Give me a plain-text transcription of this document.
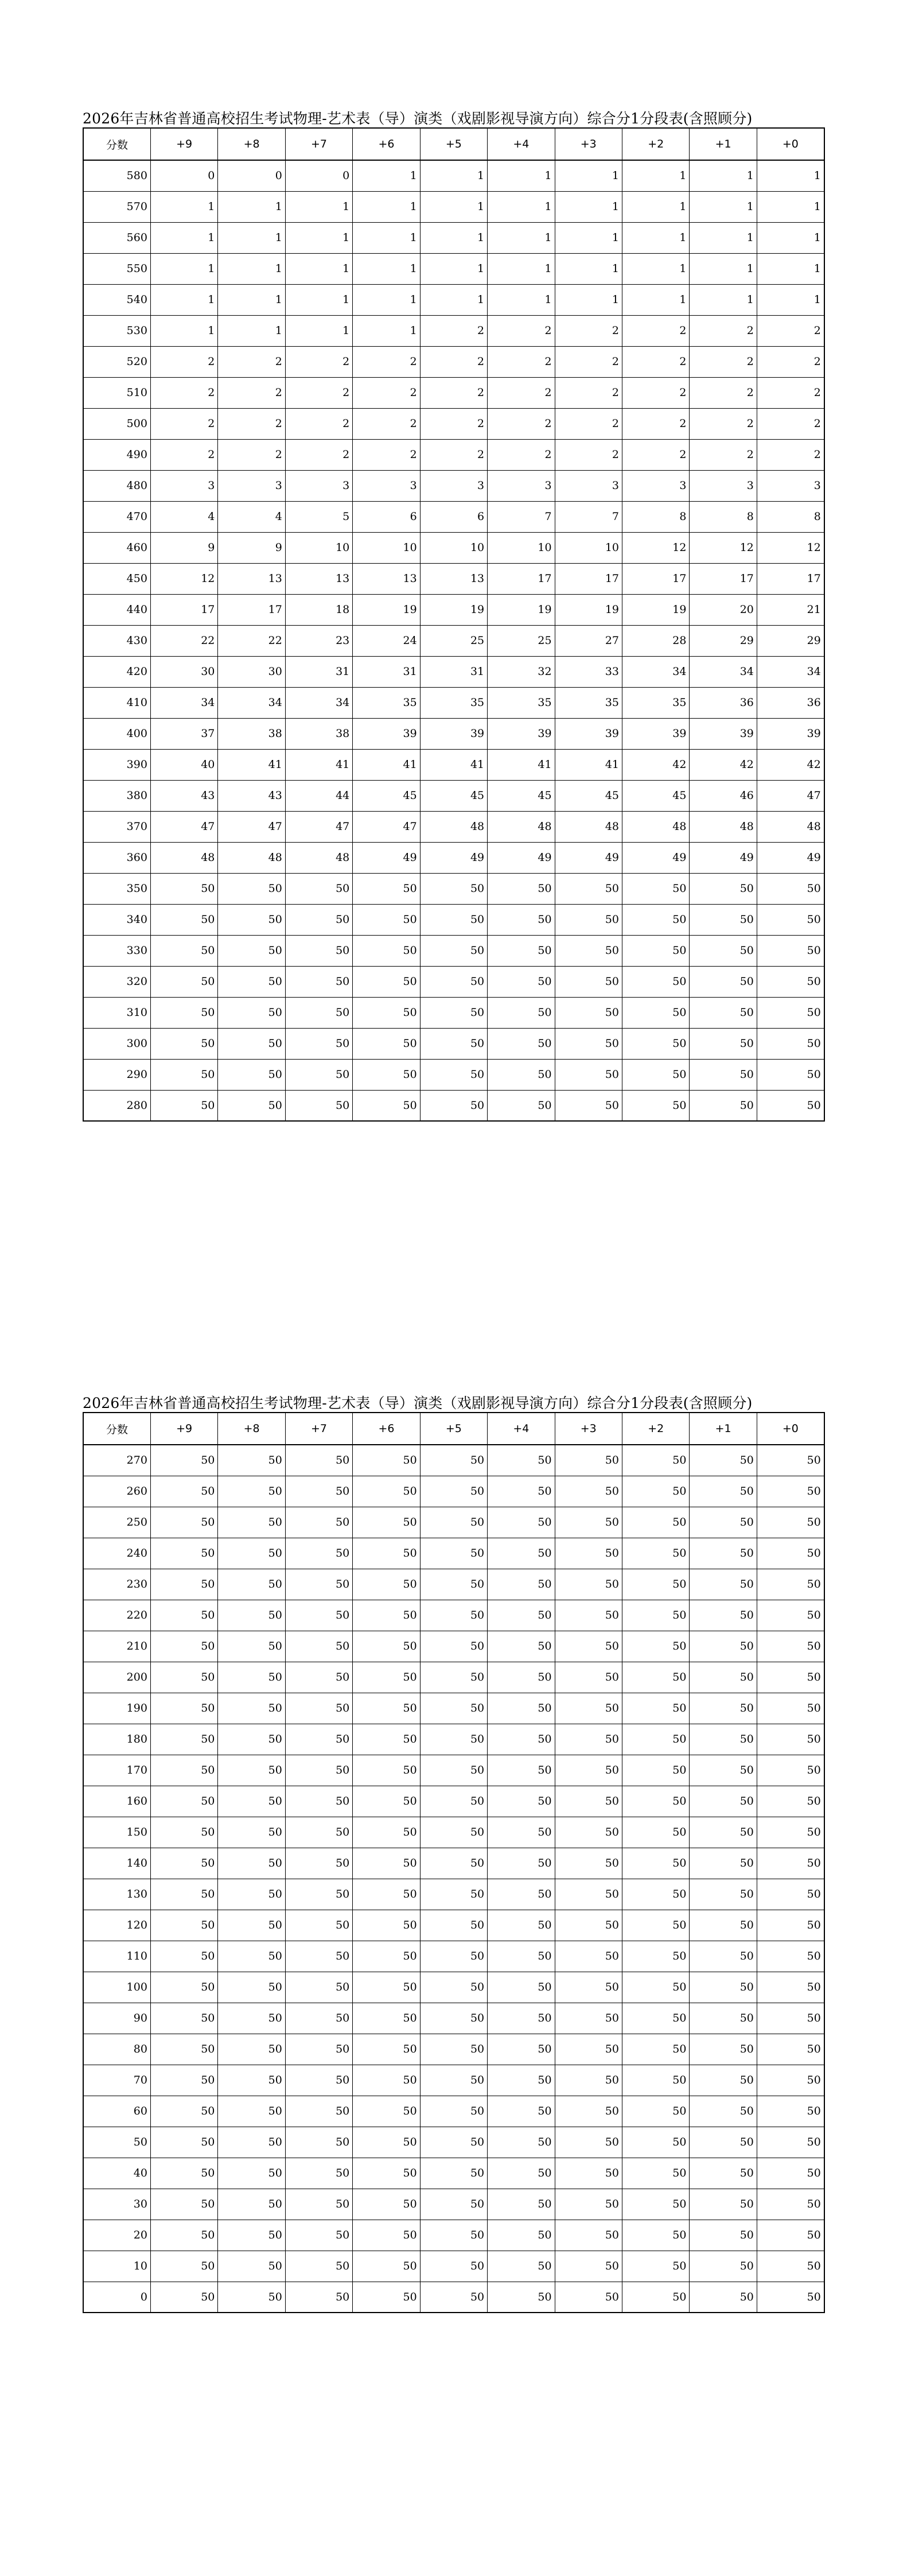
2026年吉林省普通高校招生考试物理-艺术表（导）演类（戏剧影视导演方向）综合分1分段表(含照顾分)
分数	+9	+8	+7	+6	+5	+4	+3	+2	+1	+0
580	0	0	0	1	1	1	1	1	1	1
570	1	1	1	1	1	1	1	1	1	1
560	1	1	1	1	1	1	1	1	1	1
550	1	1	1	1	1	1	1	1	1	1
540	1	1	1	1	1	1	1	1	1	1
530	1	1	1	1	2	2	2	2	2	2
520	2	2	2	2	2	2	2	2	2	2
510	2	2	2	2	2	2	2	2	2	2
500	2	2	2	2	2	2	2	2	2	2
490	2	2	2	2	2	2	2	2	2	2
480	3	3	3	3	3	3	3	3	3	3
470	4	4	5	6	6	7	7	8	8	8
460	9	9	10	10	10	10	10	12	12	12
450	12	13	13	13	13	17	17	17	17	17
440	17	17	18	19	19	19	19	19	20	21
430	22	22	23	24	25	25	27	28	29	29
420	30	30	31	31	31	32	33	34	34	34
410	34	34	34	35	35	35	35	35	36	36
400	37	38	38	39	39	39	39	39	39	39
390	40	41	41	41	41	41	41	42	42	42
380	43	43	44	45	45	45	45	45	46	47
370	47	47	47	47	48	48	48	48	48	48
360	48	48	48	49	49	49	49	49	49	49
350	50	50	50	50	50	50	50	50	50	50
340	50	50	50	50	50	50	50	50	50	50
330	50	50	50	50	50	50	50	50	50	50
320	50	50	50	50	50	50	50	50	50	50
310	50	50	50	50	50	50	50	50	50	50
300	50	50	50	50	50	50	50	50	50	50
290	50	50	50	50	50	50	50	50	50	50
280	50	50	50	50	50	50	50	50	50	50
2026年吉林省普通高校招生考试物理-艺术表（导）演类（戏剧影视导演方向）综合分1分段表(含照顾分)
分数	+9	+8	+7	+6	+5	+4	+3	+2	+1	+0
270	50	50	50	50	50	50	50	50	50	50
260	50	50	50	50	50	50	50	50	50	50
250	50	50	50	50	50	50	50	50	50	50
240	50	50	50	50	50	50	50	50	50	50
230	50	50	50	50	50	50	50	50	50	50
220	50	50	50	50	50	50	50	50	50	50
210	50	50	50	50	50	50	50	50	50	50
200	50	50	50	50	50	50	50	50	50	50
190	50	50	50	50	50	50	50	50	50	50
180	50	50	50	50	50	50	50	50	50	50
170	50	50	50	50	50	50	50	50	50	50
160	50	50	50	50	50	50	50	50	50	50
150	50	50	50	50	50	50	50	50	50	50
140	50	50	50	50	50	50	50	50	50	50
130	50	50	50	50	50	50	50	50	50	50
120	50	50	50	50	50	50	50	50	50	50
110	50	50	50	50	50	50	50	50	50	50
100	50	50	50	50	50	50	50	50	50	50
90	50	50	50	50	50	50	50	50	50	50
80	50	50	50	50	50	50	50	50	50	50
70	50	50	50	50	50	50	50	50	50	50
60	50	50	50	50	50	50	50	50	50	50
50	50	50	50	50	50	50	50	50	50	50
40	50	50	50	50	50	50	50	50	50	50
30	50	50	50	50	50	50	50	50	50	50
20	50	50	50	50	50	50	50	50	50	50
10	50	50	50	50	50	50	50	50	50	50
0	50	50	50	50	50	50	50	50	50	50
